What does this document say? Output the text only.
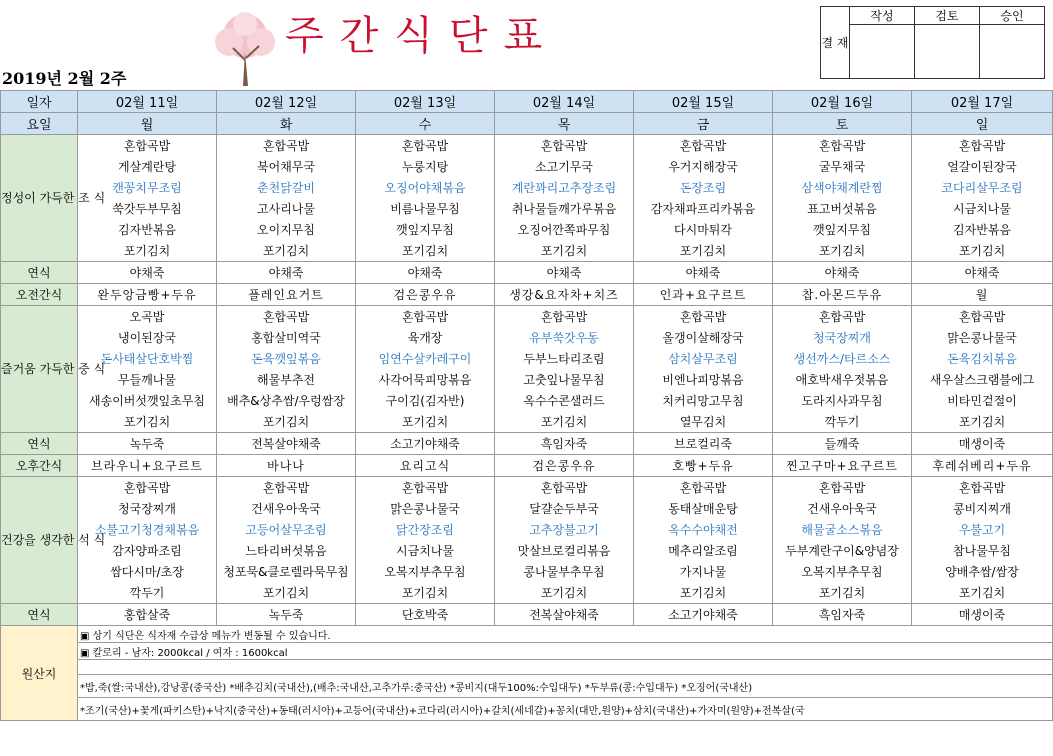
주간식단표
2019년 2월 2주
결 재	작성	검토	승인

일자	02월 11일	02월 12일	02월 13일	02월 14일	02월 15일	02월 16일	02월 17일
요일	월	화	수	목	금	토	일
정성이 가득한 조 식	혼합곡밥	혼합곡밥	혼합곡밥	혼합곡밥	혼합곡밥	혼합곡밥	혼합곡밥
	게살계란탕	북어채무국	누룽지탕	소고기무국	우거지해장국	굴무채국	얼갈이된장국
	캔꽁치무조림	춘천닭갈비	오징어야채볶음	계란꽈리고추장조림	돈장조림	삼색야채계란찜	코다리살무조림
	쑥갓두부무침	고사리나물	비름나물무침	취나물들깨가루볶음	감자채파프리카볶음	표고버섯볶음	시금치나물
	김자반볶음	오이지무침	깻잎지무침	오징어깐쪽파무침	다시마튀각	깻잎지무침	김자반볶음
	포기김치	포기김치	포기김치	포기김치	포기김치	포기김치	포기김치
연식	야채죽	야채죽	야채죽	야채죽	야채죽	야채죽	야채죽
오전간식	완두앙금빵+두유	플레인요거트	검은콩우유	생강&요자차+치즈	인과+요구르트	찹.아몬드두유	월
즐거움 가득한 중 식	오곡밥	혼합곡밥	혼합곡밥	혼합곡밥	혼합곡밥	혼합곡밥	혼합곡밥
	냉이된장국	홍합살미역국	육개장	유부쑥갓우동	올갱이살해장국	청국장찌개	맑은콩나물국
	돈사태살단호박찜	돈육깻잎볶음	임연수살카레구이	두부느타리조림	삼치살무조림	생선까스/타르소스	돈육김치볶음
	무들깨나물	해물부추전	사각어묵피망볶음	고춧잎나물무침	비엔나피망볶음	애호박새우젓볶음	새우살스크램블에그
	새송이버섯깻잎초무침	배추&상추쌈/우렁쌈장	구이김(김자반)	옥수수콘샐러드	치커리망고무침	도라지사과무침	비타민겉절이
	포기김치	포기김치	포기김치	포기김치	열무김치	깍두기	포기김치
연식	녹두죽	전복살야채죽	소고기야채죽	흑임자죽	브로컬리죽	들깨죽	매생이죽
오후간식	브라우니+요구르트	바나나	요리고식	검은콩우유	호빵+두유	찐고구마+요구르트	후레쉬베리+두유
건강을 생각한 석 식	혼합곡밥	혼합곡밥	혼합곡밥	혼합곡밥	혼합곡밥	혼합곡밥	혼합곡밥
	청국장찌개	건새우아욱국	맑은콩나물국	달걀순두부국	동태살매운탕	건새우아욱국	콩비지찌개
	소불고기청경채볶음	고등어살무조림	닭간장조림	고추장불고기	옥수수야채전	해물굴소스볶음	우불고기
	감자양파조림	느타리버섯볶음	시금치나물	맛살브로컬리볶음	메추리알조림	두부계란구이&양념장	참나물무침
	쌈다시마/초장	청포묵&클로렐라묵무침	오복지부추무침	콩나물부추무침	가지나물	오복지부추무침	양배추쌈/쌈장
	깍두기	포기김치	포기김치	포기김치	포기김치	포기김치	포기김치
연식	홍합살죽	녹두죽	단호박죽	전복살야채죽	소고기야채죽	흑임자죽	매생이죽
원산지	▣ 상기 식단은 식자재 수급상 메뉴가 변동될 수 있습니다.						
	▣ 칼로리 - 남자: 2000kcal / 여자 : 1600kcal						

	*밥,죽(쌀:국내산),강낭콩(중국산) *배추김치(국내산),(배추:국내산,고추가루:중국산) *콩비지(대두100%:수입대두) *두부류(콩:수입대두) *오징어(국내산)						
	*조기(국산)+꽃게(파키스탄)+낙지(중국산)+동태(러시아)+고등어(국내산)+코다리(러시아)+갈치(세네갈)+꽁치(대만,원양)+삼치(국내산)+가자미(원양)+전복살(국						
